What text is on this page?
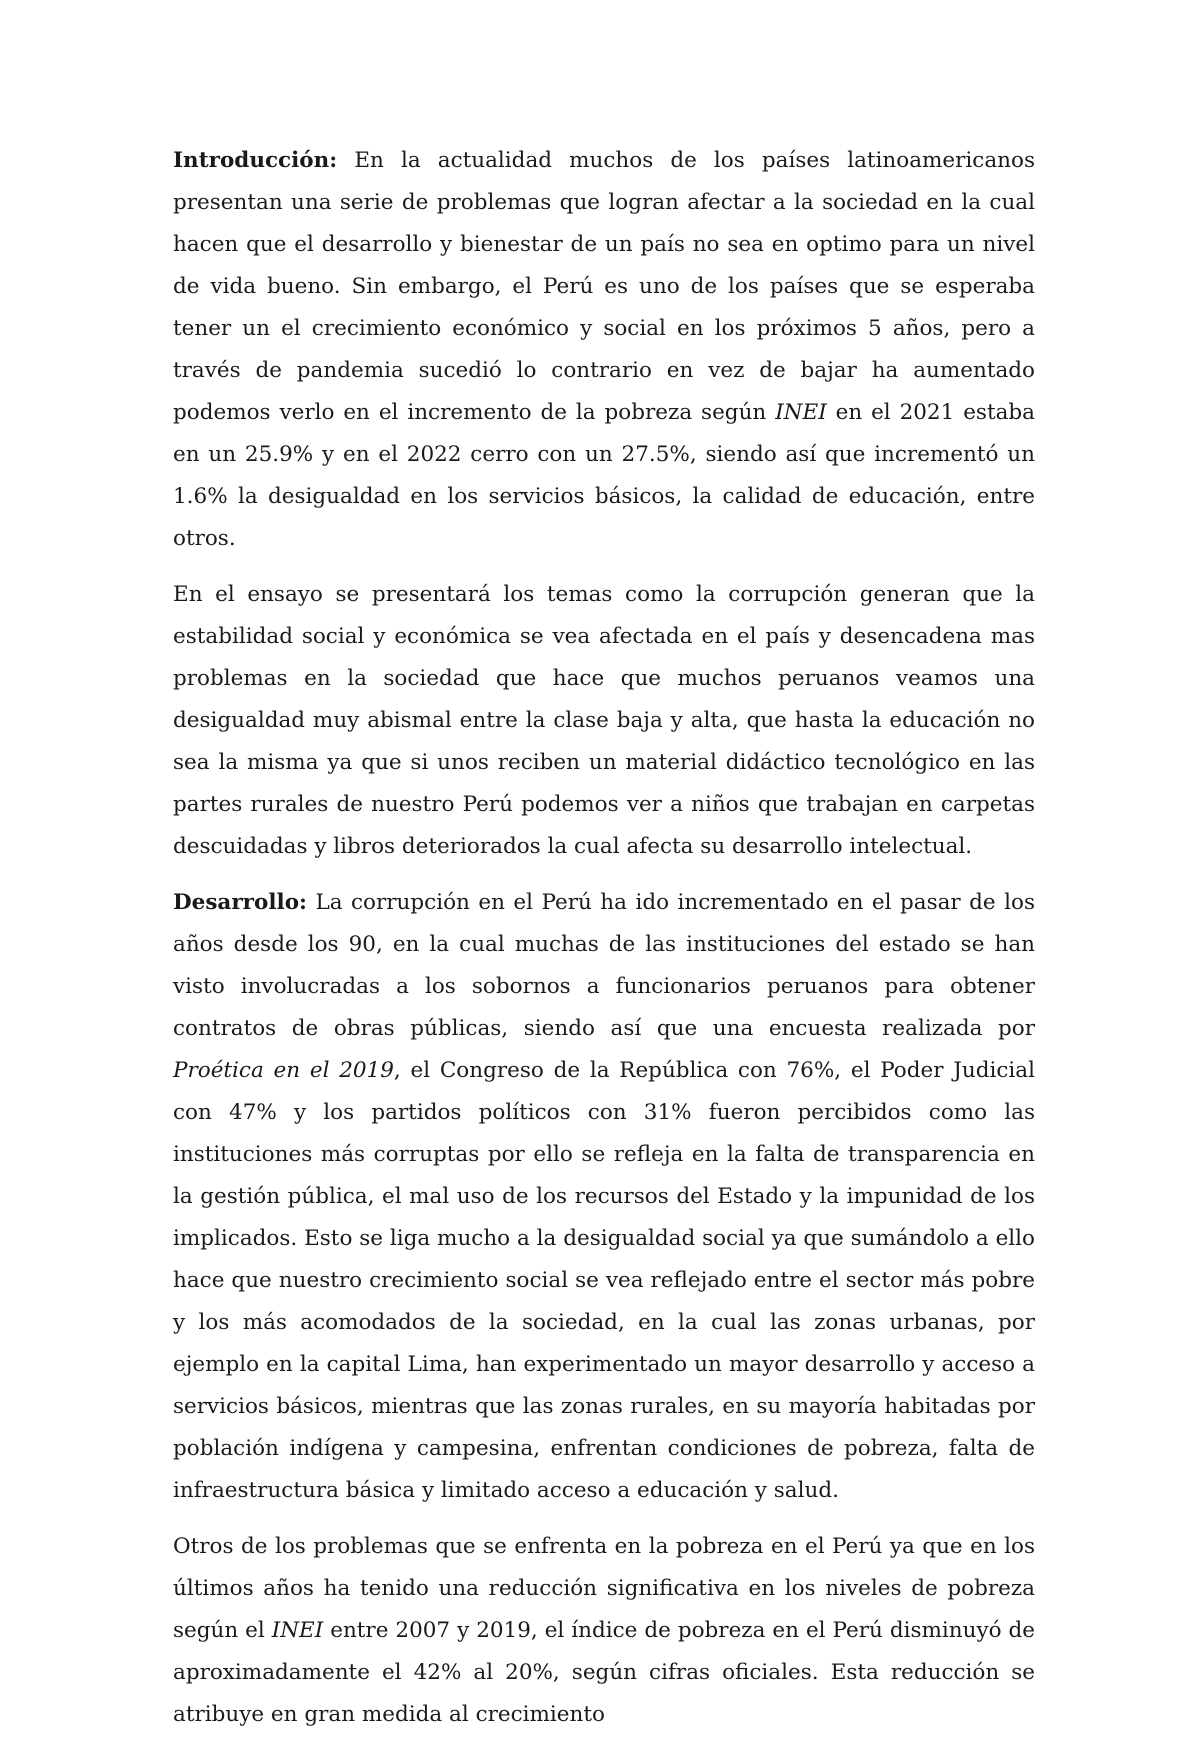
Introducción: En la actualidad muchos de los países latinoamericanos presentan una serie de problemas que logran afectar a la sociedad en la cual hacen que el desarrollo y bienestar de un país no sea en optimo para un nivel de vida bueno. Sin embargo, el Perú es uno de los países que se esperaba tener un el crecimiento económico y social en los próximos 5 años, pero a través de pandemia sucedió lo contrario en vez de bajar ha aumentado podemos verlo en el incremento de la pobreza según INEI en el 2021 estaba en un 25.9% y en el 2022 cerro con un 27.5%, siendo así que incrementó un 1.6% la desigualdad en los servicios básicos, la calidad de educación, entre otros.

En el ensayo se presentará los temas como la corrupción generan que la estabilidad social y económica se vea afectada en el país y desencadena mas problemas en la sociedad que hace que muchos peruanos veamos una desigualdad muy abismal entre la clase baja y alta, que hasta la educación no sea la misma ya que si unos reciben un material didáctico tecnológico en las partes rurales de nuestro Perú podemos ver a niños que trabajan en carpetas descuidadas y libros deteriorados la cual afecta su desarrollo intelectual.

Desarrollo: La corrupción en el Perú ha ido incrementado en el pasar de los años desde los 90, en la cual muchas de las instituciones del estado se han visto involucradas a los sobornos a funcionarios peruanos para obtener contratos de obras públicas, siendo así que una encuesta realizada por Proética en el 2019, el Congreso de la República con 76%, el Poder Judicial con 47% y los partidos políticos con 31% fueron percibidos como las instituciones más corruptas por ello se refleja en la falta de transparencia en la gestión pública, el mal uso de los recursos del Estado y la impunidad de los implicados. Esto se liga mucho a la desigualdad social ya que sumándolo a ello hace que nuestro crecimiento social se vea reflejado entre el sector más pobre y los más acomodados de la sociedad, en la cual las zonas urbanas, por ejemplo en la capital Lima, han experimentado un mayor desarrollo y acceso a servicios básicos, mientras que las zonas rurales, en su mayoría habitadas por población indígena y campesina, enfrentan condiciones de pobreza, falta de infraestructura básica y limitado acceso a educación y salud.

Otros de los problemas que se enfrenta en la pobreza en el Perú ya que en los últimos años ha tenido una reducción significativa en los niveles de pobreza según el INEI entre 2007 y 2019, el índice de pobreza en el Perú disminuyó de aproximadamente el 42% al 20%, según cifras oficiales. Esta reducción se atribuye en gran medida al crecimiento
